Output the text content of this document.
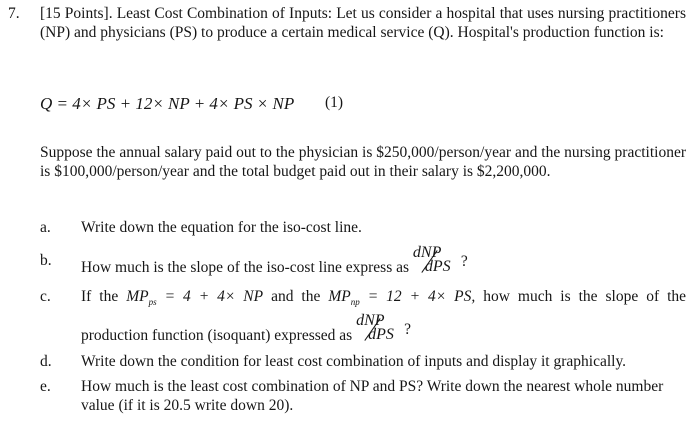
7. [15 Points]. Least Cost Combination of Inputs: Let us consider a hospital that uses nursing practitioners (NP) and physicians (PS) to produce a certain medical service (Q). Hospital's production function is:
Q = 4× PS + 12× NP + 4× PS × NP (1)
Suppose the annual salary paid out to the physician is $250,000/person/year and the nursing practitioner is $100,000/person/year and the total budget paid out in their salary is $2,200,000.
a. Write down the equation for the iso-cost line.
b. How much is the slope of the iso-cost line express as
dNP
dPS ?
c. If the $MP_{ps} = 4 + 4\times$ NP and the $MP_{np} = 12 + 4\times$ PS, how much is the slope of the
production function (isoquant) expressed as
dNP
dPS ?
d. Write down the condition for least cost combination of inputs and display it graphically.
e. How much is the least cost combination of NP and PS? Write down the nearest whole number value (if it is 20.5 write down 20).
